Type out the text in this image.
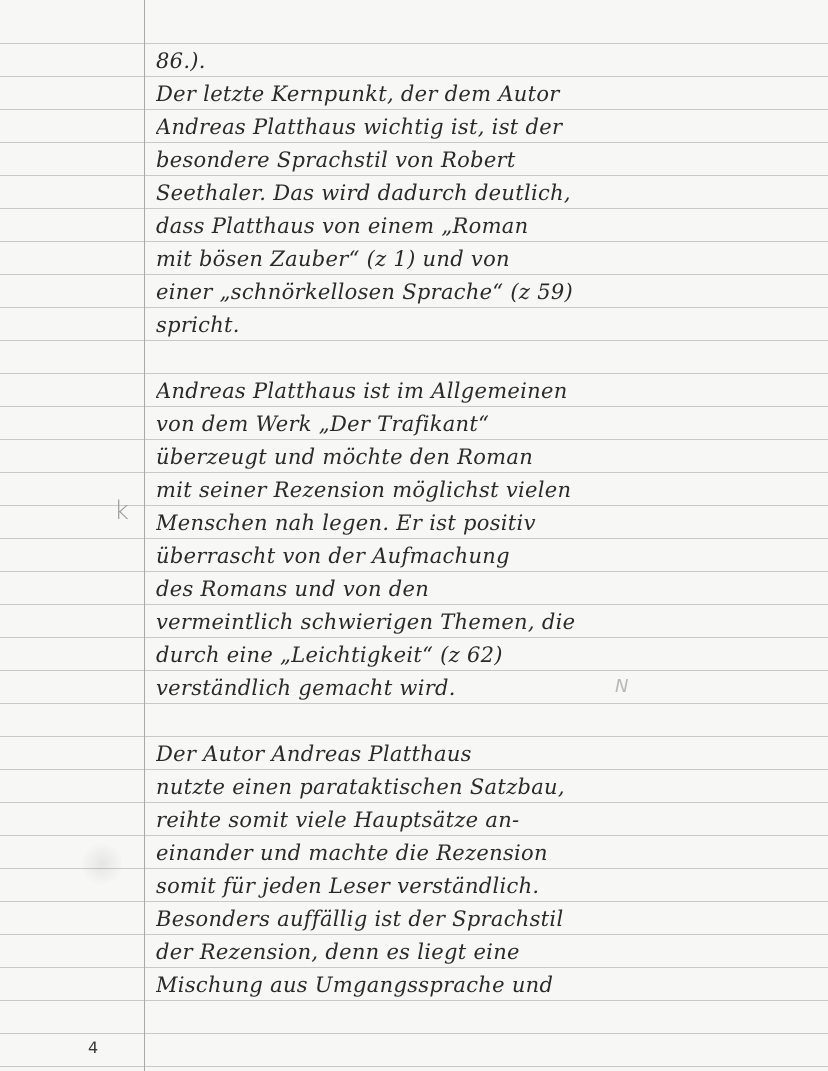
k
86.).
Der letzte Kernpunkt, der dem Autor
Andreas Platthaus wichtig ist, ist der
besondere Sprachstil von Robert
Seethaler. Das wird dadurch deutlich,
dass Platthaus von einem „Roman
mit bösen Zauber“ (z 1) und von
einer „schnörkellosen Sprache“ (z 59)
spricht.
Andreas Platthaus ist im Allgemeinen
von dem Werk „Der Trafikant“
überzeugt und möchte den Roman
mit seiner Rezension möglichst vielen
Menschen nah legen. Er ist positiv
überrascht von der Aufmachung
des Romans und von den
vermeintlich schwierigen Themen, die
durch eine „Leichtigkeit“ (z 62)
verständlich gemacht wird.
Der Autor Andreas Platthaus
nutzte einen parataktischen Satzbau,
reihte somit viele Hauptsätze an-
einander und machte die Rezension
somit für jeden Leser verständlich.
Besonders auffällig ist der Sprachstil
der Rezension, denn es liegt eine
Mischung aus Umgangssprache und
N
4
